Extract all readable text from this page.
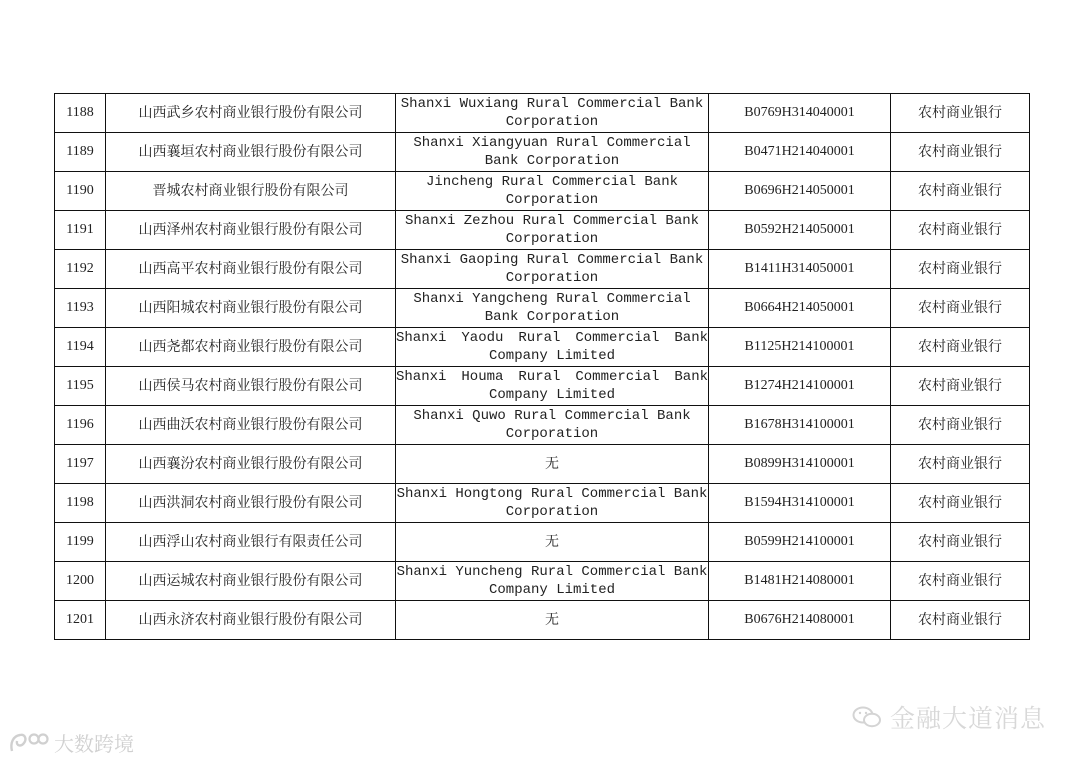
1188	山西武乡农村商业银行股份有限公司	Shanxi Wuxiang Rural Commercial Bank Corporation	B0769H314040001	农村商业银行
1189	山西襄垣农村商业银行股份有限公司	Shanxi Xiangyuan Rural Commercial Bank Corporation	B0471H214040001	农村商业银行
1190	晋城农村商业银行股份有限公司	Jincheng Rural Commercial Bank Corporation	B0696H214050001	农村商业银行
1191	山西泽州农村商业银行股份有限公司	Shanxi Zezhou Rural Commercial Bank Corporation	B0592H214050001	农村商业银行
1192	山西高平农村商业银行股份有限公司	Shanxi Gaoping Rural Commercial Bank Corporation	B1411H314050001	农村商业银行
1193	山西阳城农村商业银行股份有限公司	Shanxi Yangcheng Rural Commercial Bank Corporation	B0664H214050001	农村商业银行
1194	山西尧都农村商业银行股份有限公司	Shanxi Yaodu Rural Commercial Bank Company Limited	B1125H214100001	农村商业银行
1195	山西侯马农村商业银行股份有限公司	Shanxi Houma Rural Commercial Bank Company Limited	B1274H214100001	农村商业银行
1196	山西曲沃农村商业银行股份有限公司	Shanxi Quwo Rural Commercial Bank Corporation	B1678H314100001	农村商业银行
1197	山西襄汾农村商业银行股份有限公司	无	B0899H314100001	农村商业银行
1198	山西洪洞农村商业银行股份有限公司	Shanxi Hongtong Rural Commercial Bank Corporation	B1594H314100001	农村商业银行
1199	山西浮山农村商业银行有限责任公司	无	B0599H214100001	农村商业银行
1200	山西运城农村商业银行股份有限公司	Shanxi Yuncheng Rural Commercial Bank Company Limited	B1481H214080001	农村商业银行
1201	山西永济农村商业银行股份有限公司	无	B0676H214080001	农村商业银行
金融大道消息
大数跨境
